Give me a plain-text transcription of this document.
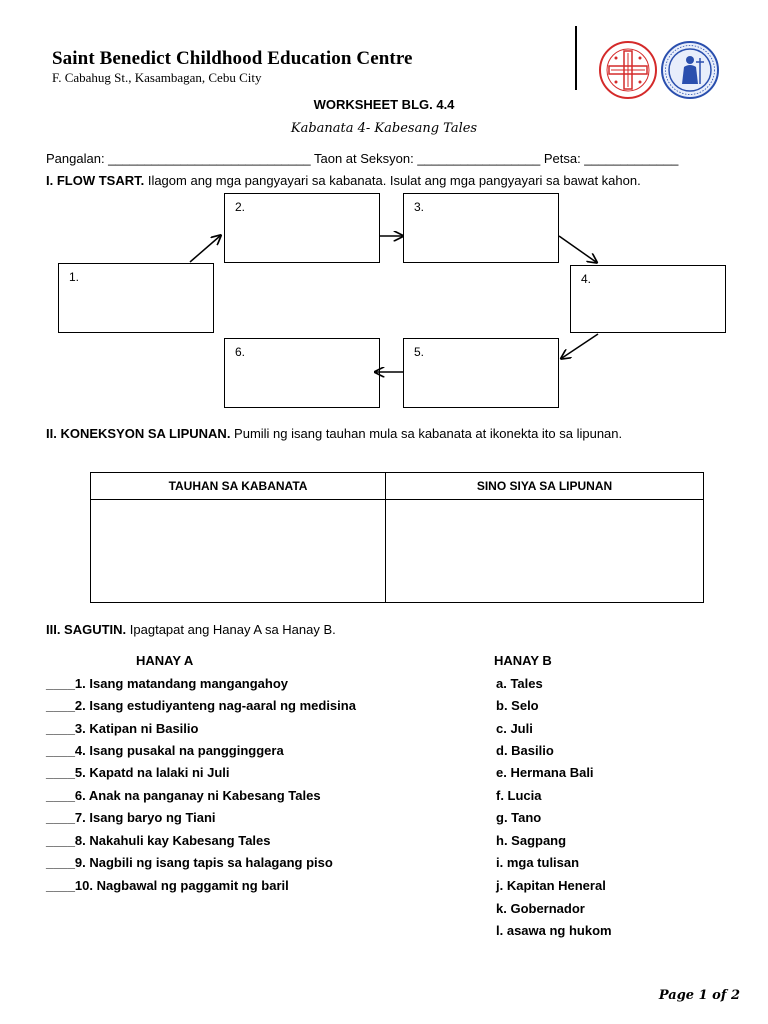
Saint Benedict Childhood Education Centre
F. Cabahug St., Kasambagan, Cebu City
WORKSHEET BLG. 4.4
Kabanata 4- Kabesang Tales
Pangalan: ____________________________ Taon at Seksyon: _________________ Petsa: _____________
I. FLOW TSART. Ilagom ang mga pangyayari sa kabanata. Isulat ang mga pangyayari sa bawat kahon.
1.
2.	3.
4.
5.
6.
II. KONEKSYON SA LIPUNAN. Pumili ng isang tauhan mula sa kabanata at ikonekta ito sa lipunan.
TAUHAN SA KABANATA	SINO SIYA SA LIPUNAN

III. SAGUTIN. Ipagtapat ang Hanay A sa Hanay B.
HANAY A	HANAY B
____1. Isang matandang mangangahoy
____2. Isang estudiyanteng nag-aaral ng medisina
____3. Katipan ni Basilio
____4. Isang pusakal na pangginggera
____5. Kapatd na lalaki ni Juli
____6. Anak na panganay ni Kabesang Tales
____7. Isang baryo ng Tiani
____8. Nakahuli kay Kabesang Tales
____9. Nagbili ng isang tapis sa halagang piso
____10. Nagbawal ng paggamit ng baril
a. Tales
b. Selo
c. Juli
d. Basilio
e. Hermana Bali
f. Lucia
g. Tano
h. Sagpang
i. mga tulisan
j. Kapitan Heneral
k. Gobernador
l. asawa ng hukom
Page 1 of 2
